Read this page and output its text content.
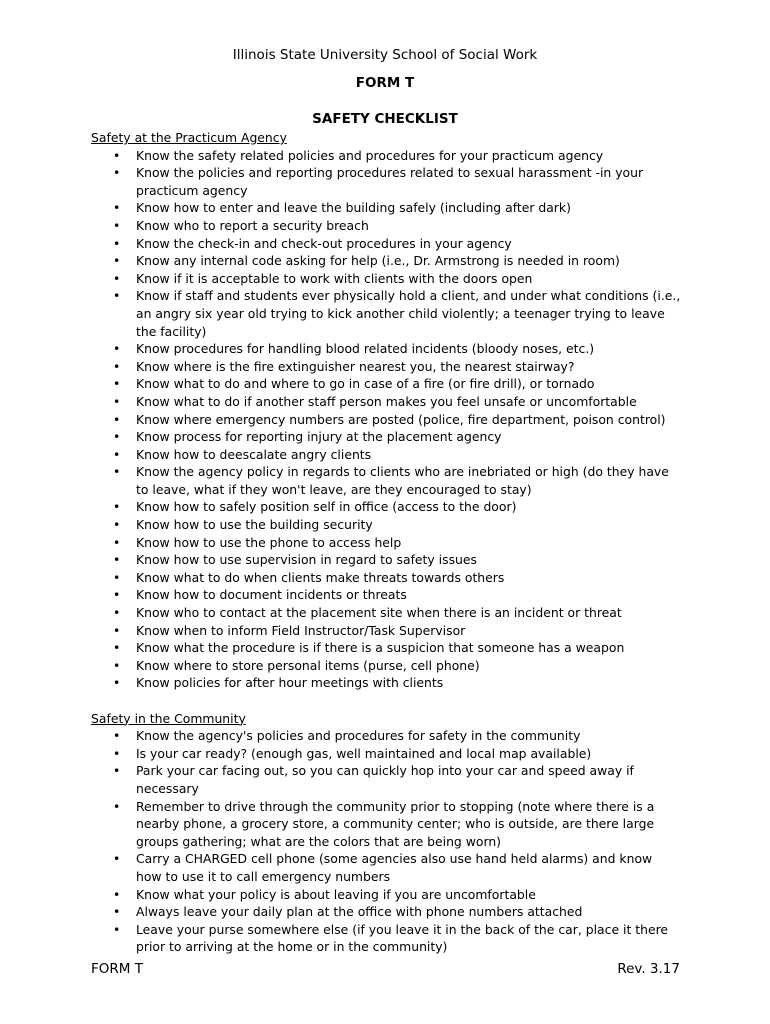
Illinois State University School of Social Work
FORM T
SAFETY CHECKLIST
Safety at the Practicum Agency
• Know the safety related policies and procedures for your practicum agency
• Know the policies and reporting procedures related to sexual harassment -in your practicum agency
• Know how to enter and leave the building safely (including after dark)
• Know who to report a security breach
• Know the check-in and check-out procedures in your agency
• Know any internal code asking for help (i.e., Dr. Armstrong is needed in room)
• Know if it is acceptable to work with clients with the doors open
• Know if staff and students ever physically hold a client, and under what conditions (i.e., an angry six year old trying to kick another child violently; a teenager trying to leave the facility)
• Know procedures for handling blood related incidents (bloody noses, etc.)
• Know where is the fire extinguisher nearest you, the nearest stairway?
• Know what to do and where to go in case of a fire (or fire drill), or tornado
• Know what to do if another staff person makes you feel unsafe or uncomfortable
• Know where emergency numbers are posted (police, fire department, poison control)
• Know process for reporting injury at the placement agency
• Know how to deescalate angry clients
• Know the agency policy in regards to clients who are inebriated or high (do they have to leave, what if they won't leave, are they encouraged to stay)
• Know how to safely position self in office (access to the door)
• Know how to use the building security
• Know how to use the phone to access help
• Know how to use supervision in regard to safety issues
• Know what to do when clients make threats towards others
• Know how to document incidents or threats
• Know who to contact at the placement site when there is an incident or threat
• Know when to inform Field Instructor/Task Supervisor
• Know what the procedure is if there is a suspicion that someone has a weapon
• Know where to store personal items (purse, cell phone)
• Know policies for after hour meetings with clients
Safety in the Community
• Know the agency's policies and procedures for safety in the community
• Is your car ready? (enough gas, well maintained and local map available)
• Park your car facing out, so you can quickly hop into your car and speed away if necessary
• Remember to drive through the community prior to stopping (note where there is a nearby phone, a grocery store, a community center; who is outside, are there large groups gathering; what are the colors that are being worn)
• Carry a CHARGED cell phone (some agencies also use hand held alarms) and know how to use it to call emergency numbers
• Know what your policy is about leaving if you are uncomfortable
• Always leave your daily plan at the office with phone numbers attached
• Leave your purse somewhere else (if you leave it in the back of the car, place it there prior to arriving at the home or in the community)
FORM T	Rev. 3.17
